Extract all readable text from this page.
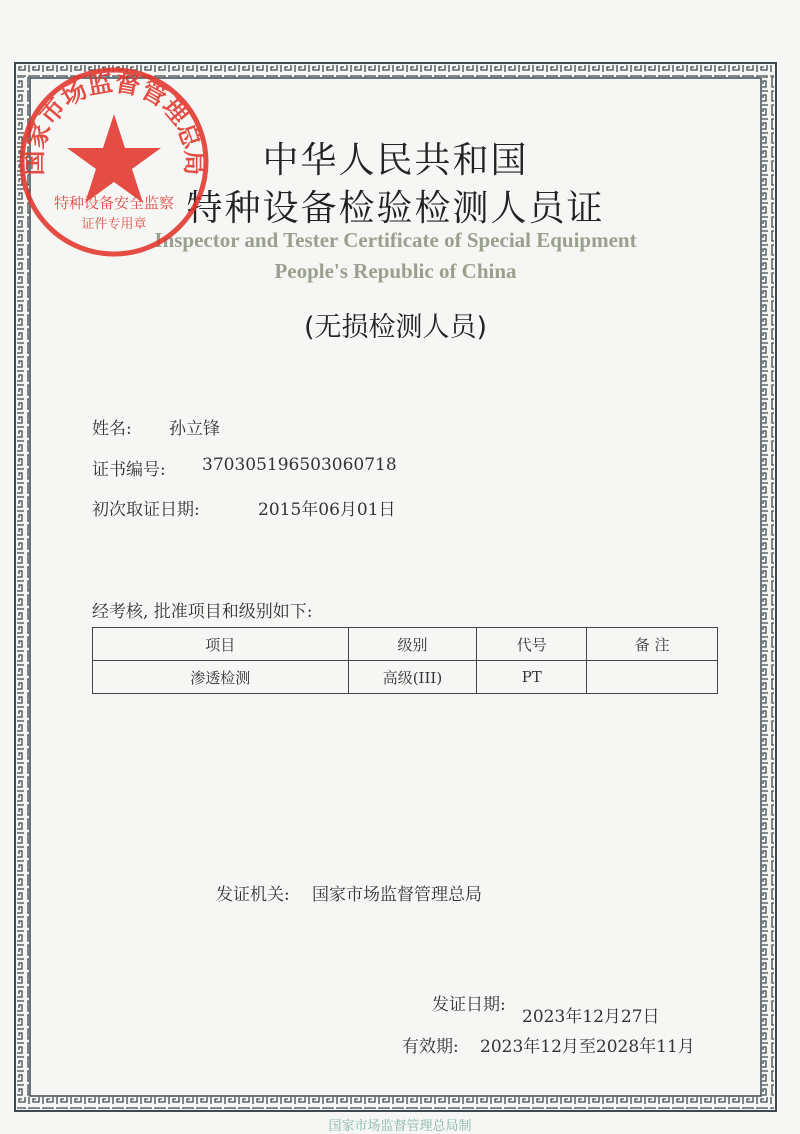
中华人民共和国
特种设备检验检测人员证
Inspector and Tester Certificate of Special Equipment
People's Republic of China
(无损检测人员)
姓名: 孙立锋
证书编号: 370305196503060718
初次取证日期:	2015年06月01日
经考核, 批准项目和级别如下:
项目	级别	代号	备 注
渗透检测	高级(III)	PT	
发证机关: 国家市场监督管理总局
发证日期:
2023年12月27日
有效期: 2023年12月至2028年11月
国家市场监督管理总局
特种设备安全监察
证件专用章
国家市场监督管理总局制
